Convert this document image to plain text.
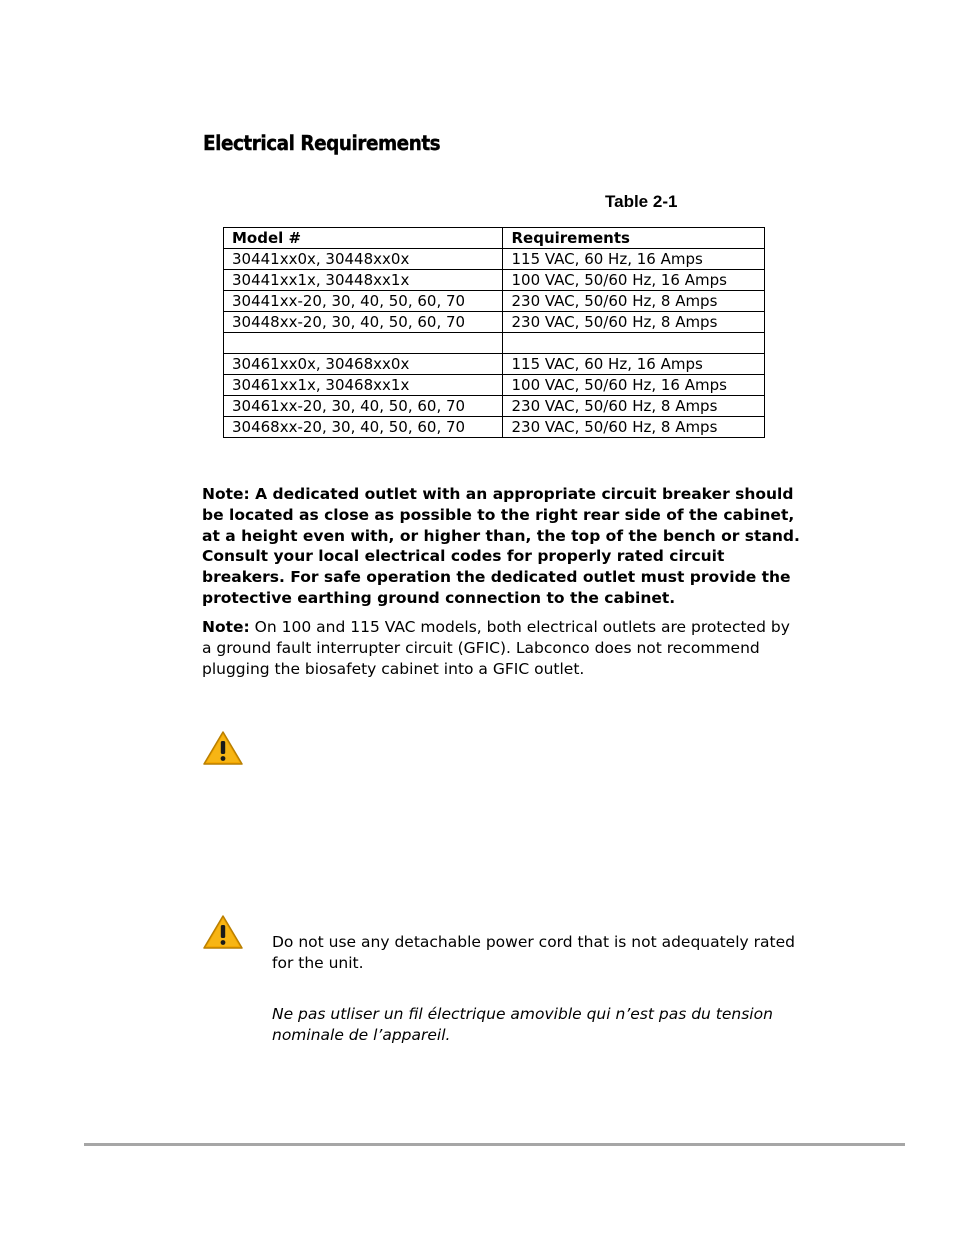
Electrical Requirements
Table 2-1
Model #	Requirements
30441xx0x, 30448xx0x	115 VAC, 60 Hz, 16 Amps
30441xx1x, 30448xx1x	100 VAC, 50/60 Hz, 16 Amps
30441xx-20, 30, 40, 50, 60, 70	230 VAC, 50/60 Hz, 8 Amps
30448xx-20, 30, 40, 50, 60, 70	230 VAC, 50/60 Hz, 8 Amps

30461xx0x, 30468xx0x	115 VAC, 60 Hz, 16 Amps
30461xx1x, 30468xx1x	100 VAC, 50/60 Hz, 16 Amps
30461xx-20, 30, 40, 50, 60, 70	230 VAC, 50/60 Hz, 8 Amps
30468xx-20, 30, 40, 50, 60, 70	230 VAC, 50/60 Hz, 8 Amps
Note: A dedicated outlet with an appropriate circuit breaker should
be located as close as possible to the right rear side of the cabinet,
at a height even with, or higher than, the top of the bench or stand.
Consult your local electrical codes for properly rated circuit
breakers. For safe operation the dedicated outlet must provide the
protective earthing ground connection to the cabinet.
Note: On 100 and 115 VAC models, both electrical outlets are protected by
a ground fault interrupter circuit (GFIC). Labconco does not recommend
plugging the biosafety cabinet into a GFIC outlet.
Do not use any detachable power cord that is not adequately rated
for the unit.
Ne pas utliser un fil électrique amovible qui n’est pas du tension
nominale de l’appareil.
